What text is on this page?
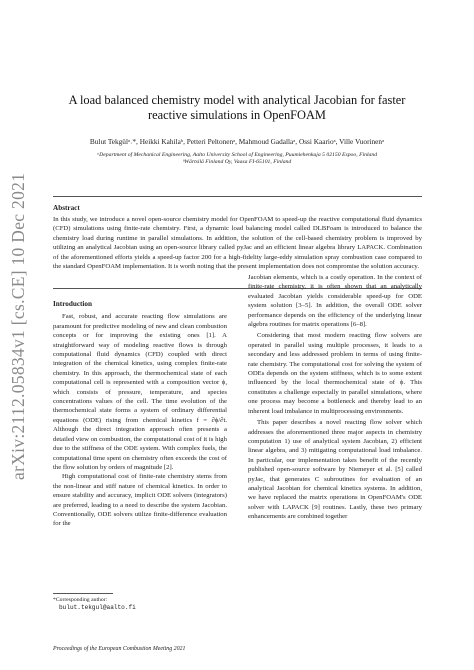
arXiv:2112.05834v1 [cs.CE] 10 Dec 2021
A load balanced chemistry model with analytical Jacobian for faster reactive simulations in OpenFOAM
Bulut Tekgülᵃ˒*, Heikki Kahilaᵇ, Petteri Peltonenᵃ, Mahmoud Gadallaᵃ, Ossi Kaarioᵃ, Ville Vuorinenᵃ
ᵃDepartment of Mechanical Engineering, Aalto University School of Engineering, Puumiehenkuja 5 02150 Espoo, Finland
ᵇWärtsilä Finland Oy, Vaasa FI-65101, Finland
Abstract
In this study, we introduce a novel open-source chemistry model for OpenFOAM to speed-up the reactive computational fluid dynamics (CFD) simulations using finite-rate chemistry. First, a dynamic load balancing model called DLBFoam is introduced to balance the chemistry load during runtime in parallel simulations. In addition, the solution of the cell-based chemistry problem is improved by utilizing an analytical Jacobian using an open-source library called pyJac and an efficient linear algebra library LAPACK. Combination of the aforementioned efforts yields a speed-up factor 200 for a high-fidelity large-eddy simulation spray combustion case compared to the standard OpenFOAM implementation. It is worth noting that the present implementation does not compromise the solution accuracy.

Introduction

Fast, robust, and accurate reacting flow simulations are paramount for predictive modeling of new and clean combustion concepts or for improving the existing ones [1]. A straightforward way of modeling reactive flows is through computational fluid dynamics (CFD) coupled with direct integration of the chemical kinetics, using complex finite-rate chemistry. In this approach, the thermochemical state of each computational cell is represented with a composition vector ϕ, which consists of pressure, temperature, and species concentrations values of the cell. The time evolution of the thermochemical state forms a system of ordinary differential equations (ODE) rising from chemical kinetics f = ∂ϕ/∂t. Although the direct integration approach often presents a detailed view on combustion, the computational cost of it is high due to the stiffness of the ODE system. With complex fuels, the computational time spent on chemistry often exceeds the cost of the flow solution by orders of magnitude [2].

High computational cost of finite-rate chemistry stems from the non-linear and stiff nature of chemical kinetics. In order to ensure stability and accuracy, implicit ODE solvers (integrators) are preferred, leading to a need to describe the system Jacobian. Conventionally, ODE solvers utilize finite-difference evaluation for the

Jacobian elements, which is a costly operation. In the context of finite-rate chemistry, it is often shown that an analytically evaluated Jacobian yields considerable speed-up for ODE system solution [3–5]. In addition, the overall ODE solver performance depends on the efficiency of the underlying linear algebra routines for matrix operations [6–8].

Considering that most modern reacting flow solvers are operated in parallel using multiple processes, it leads to a secondary and less addressed problem in terms of using finite-rate chemistry. The computational cost for solving the system of ODEs depends on the system stiffness, which is to some extent influenced by the local thermochemical state of ϕ. This constitutes a challenge especially in parallel simulations, where one process may become a bottleneck and thereby lead to an inherent load imbalance in multiprocessing environments.

This paper describes a novel reacting flow solver which addresses the aforementioned three major aspects in chemistry computation 1) use of analytical system Jacobian, 2) efficient linear algebra, and 3) mitigating computational load imbalance. In particular, our implementation takes benefit of the recently published open-source software by Niemeyer et al. [5] called pyJac, that generates C subroutines for evaluation of an analytical Jacobian for chemical kinetics systems. In addition, we have replaced the matrix operations in OpenFOAM's ODE solver with LAPACK [9] routines. Lastly, these two primary enhancements are combined together

*Corresponding author:
bulut.tekgul@aalto.fi
Proceedings of the European Combustion Meeting 2021
